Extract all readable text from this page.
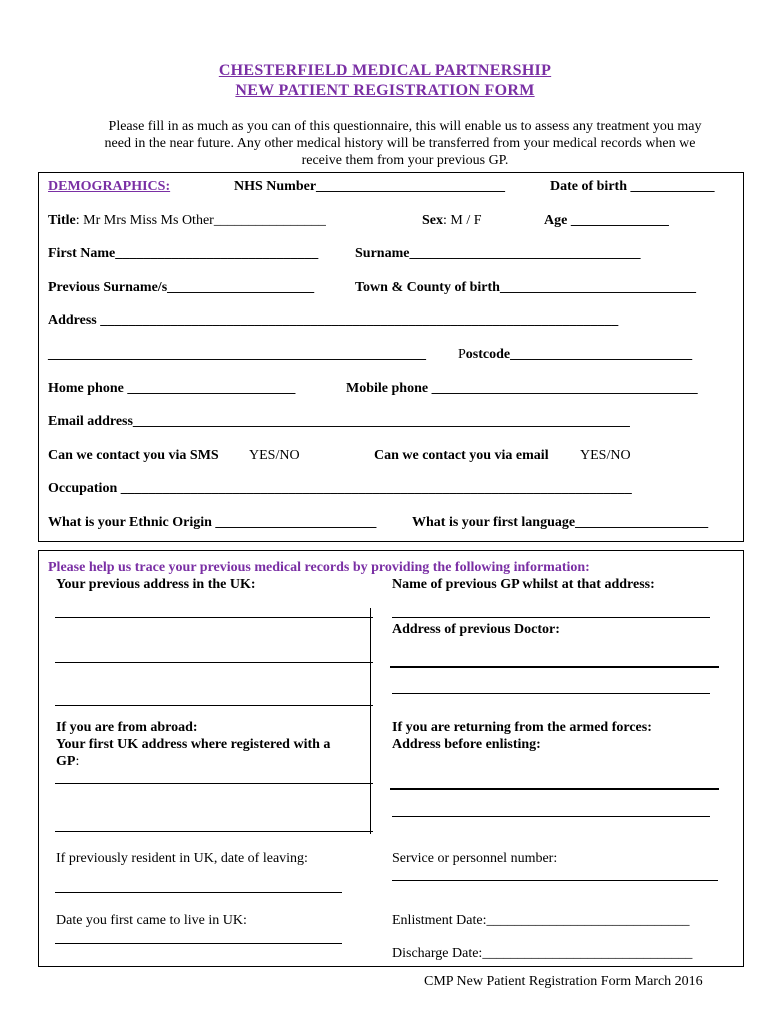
CHESTERFIELD MEDICAL PARTNERSHIP
NEW PATIENT REGISTRATION FORM
Please fill in as much as you can of this questionnaire, this will enable us to assess any treatment you may
need in the near future. Any other medical history will be transferred from your medical records when we
receive them from your previous GP.
DEMOGRAPHICS:	NHS Number___________________________	Date of birth ____________
Title: Mr Mrs Miss Ms Other________________	Sex: M / F	Age ______________
First Name_____________________________	Surname_________________________________
Previous Surname/s_____________________	Town & County of birth____________________________
Address __________________________________________________________________________
______________________________________________________ Postcode__________________________
Home phone ________________________	Mobile phone ______________________________________
Email address_______________________________________________________________________
Can we contact you via SMS YES/NO	Can we contact you via email YES/NO
Occupation _________________________________________________________________________
What is your Ethnic Origin _______________________	What is your first language___________________
Please help us trace your previous medical records by providing the following information:
Your previous address in the UK:	Name of previous GP whilst at that address:
Address of previous Doctor:
If you are from abroad:
Your first UK address where registered with a
GP:
If you are returning from the armed forces:
Address before enlisting:
If previously resident in UK, date of leaving:	Service or personnel number:
Date you first came to live in UK:	Enlistment Date:_____________________________
Discharge Date:______________________________
CMP New Patient Registration Form March 2016
